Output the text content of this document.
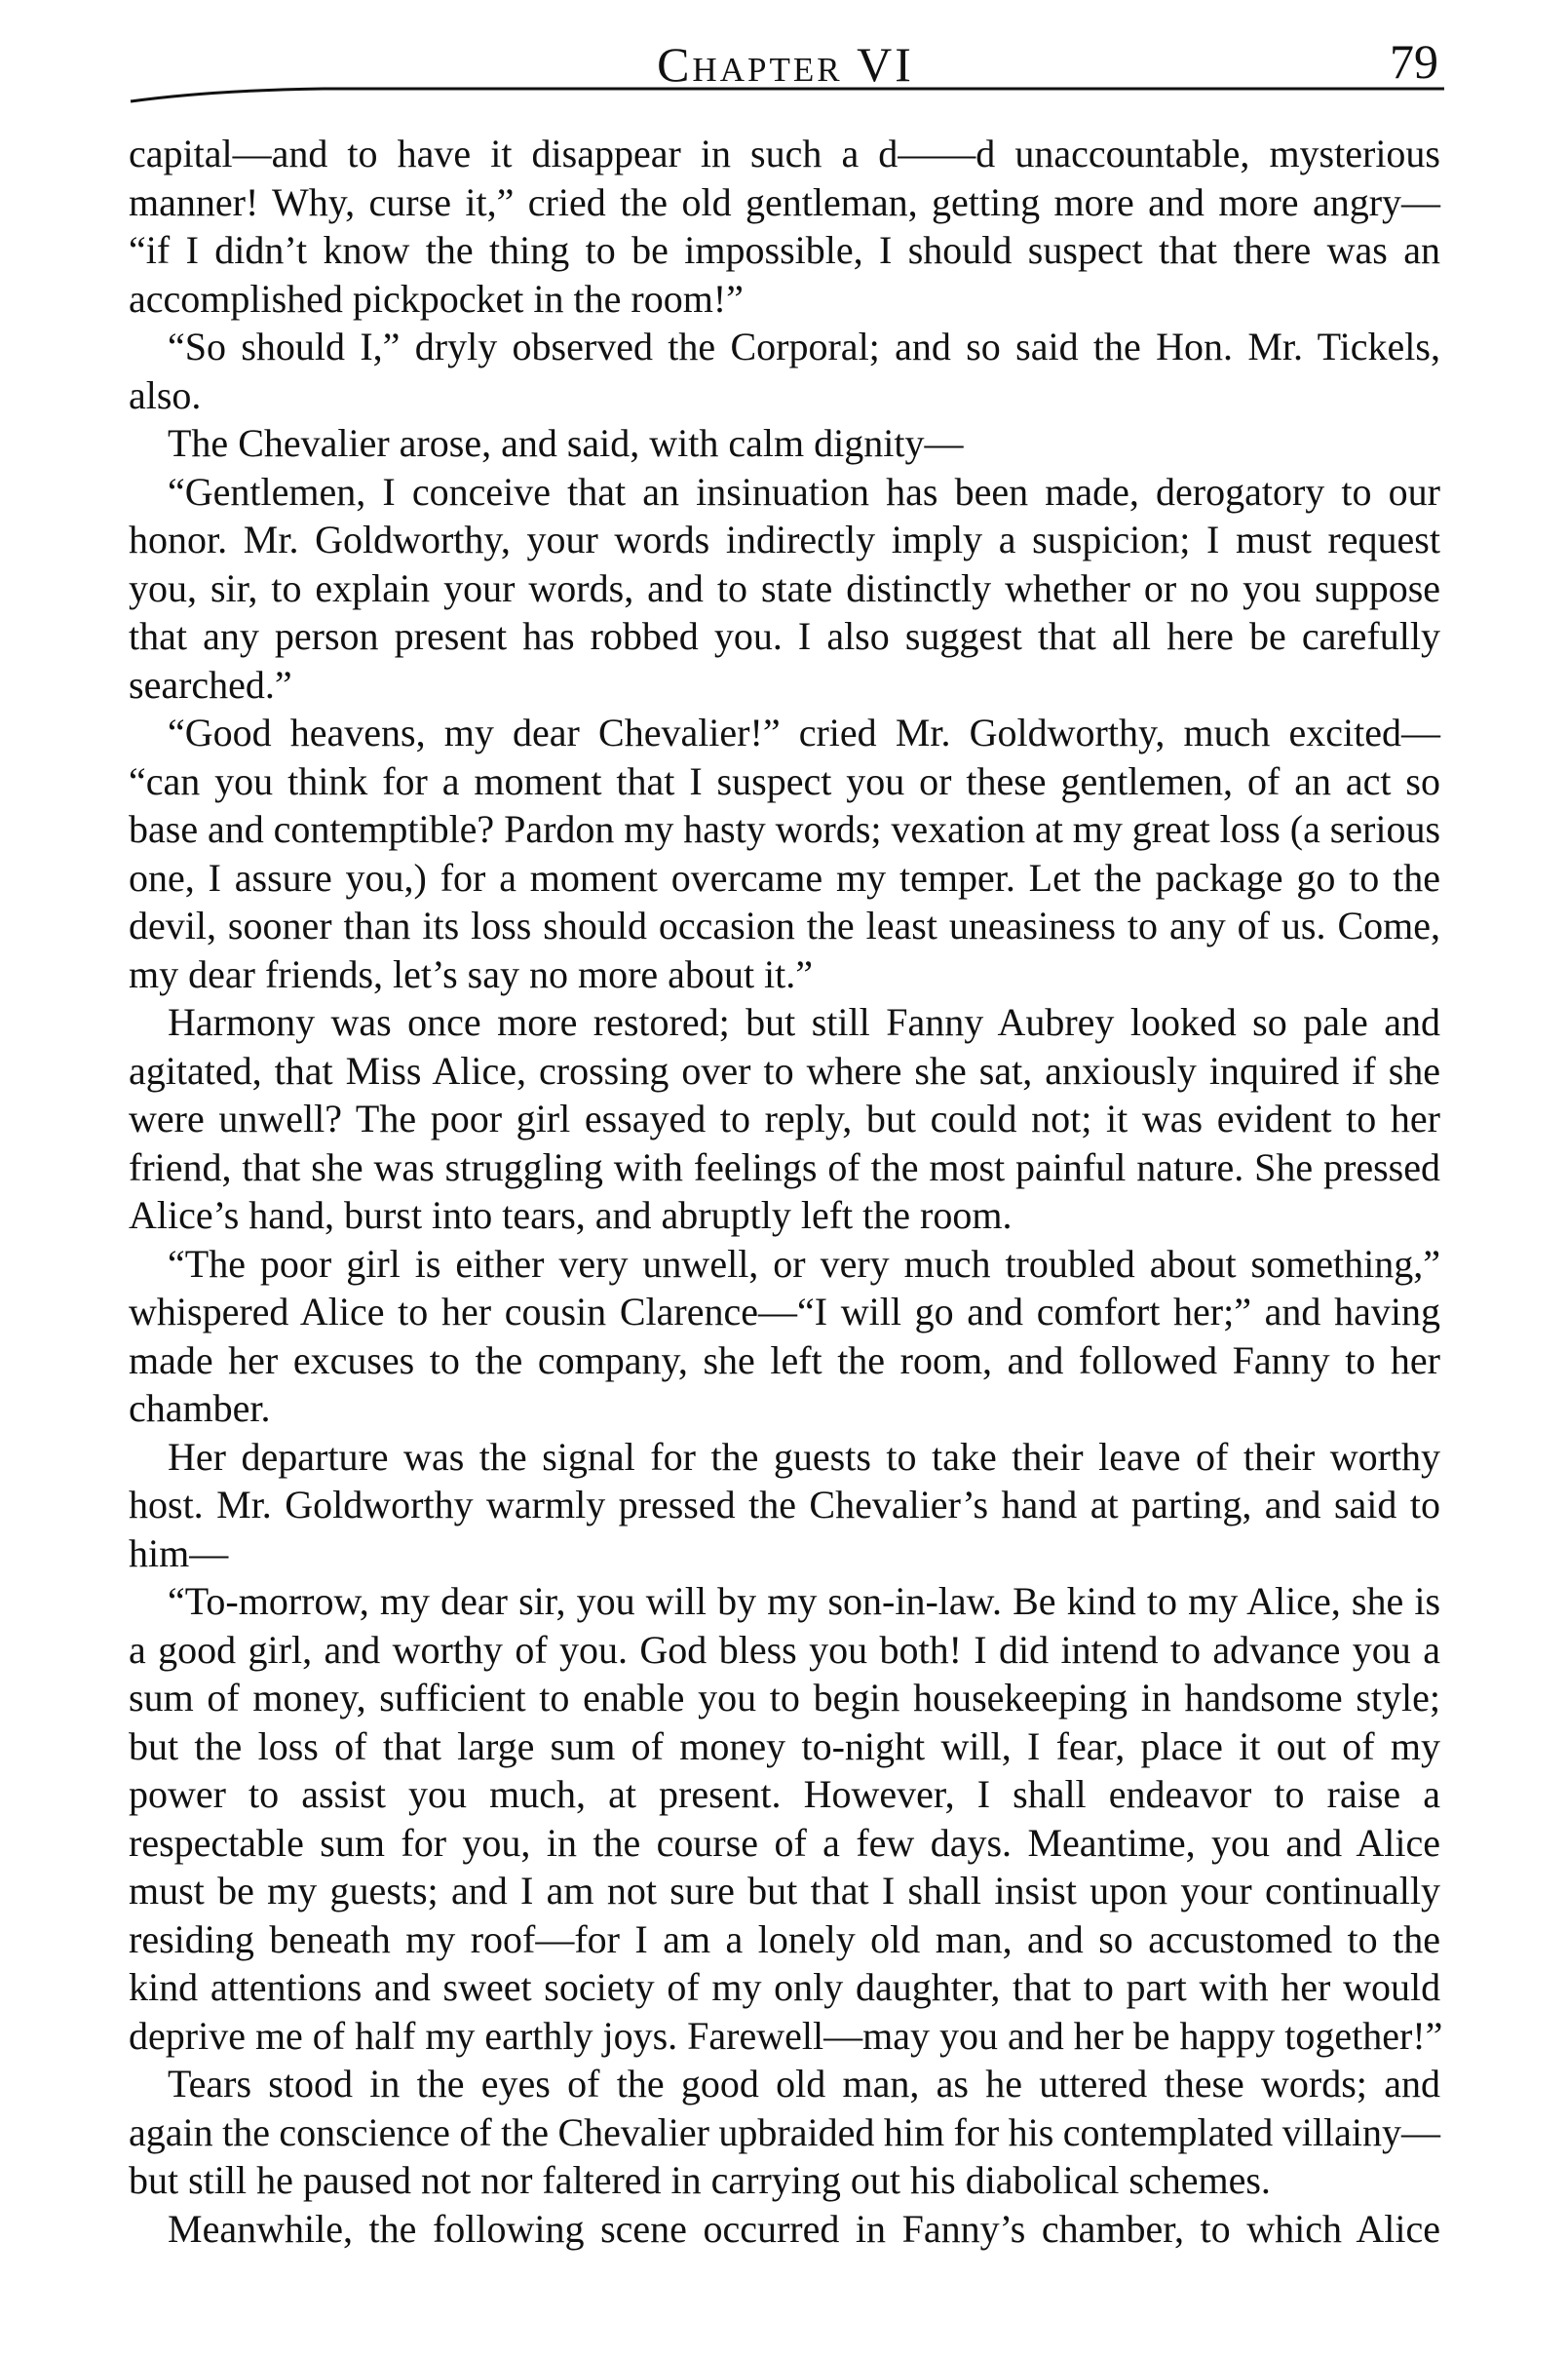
Chapter VI	79
capital—and to have it disappear in such a d——d unaccountable, mysterious
manner! Why, curse it,” cried the old gentleman, getting more and more angry—
“if I didn’t know the thing to be impossible, I should suspect that there was an
accomplished pickpocket in the room!”
“So should I,” dryly observed the Corporal; and so said the Hon. Mr. Tickels,
also.
The Chevalier arose, and said, with calm dignity—
“Gentlemen, I conceive that an insinuation has been made, derogatory to our
honor. Mr. Goldworthy, your words indirectly imply a suspicion; I must request
you, sir, to explain your words, and to state distinctly whether or no you suppose
that any person present has robbed you. I also suggest that all here be carefully
searched.”
“Good heavens, my dear Chevalier!” cried Mr. Goldworthy, much excited—
“can you think for a moment that I suspect you or these gentlemen, of an act so
base and contemptible? Pardon my hasty words; vexation at my great loss (a serious
one, I assure you,) for a moment overcame my temper. Let the package go to the
devil, sooner than its loss should occasion the least uneasiness to any of us. Come,
my dear friends, let’s say no more about it.”
Harmony was once more restored; but still Fanny Aubrey looked so pale and
agitated, that Miss Alice, crossing over to where she sat, anxiously inquired if she
were unwell? The poor girl essayed to reply, but could not; it was evident to her
friend, that she was struggling with feelings of the most painful nature. She pressed
Alice’s hand, burst into tears, and abruptly left the room.
“The poor girl is either very unwell, or very much troubled about something,”
whispered Alice to her cousin Clarence—“I will go and comfort her;” and having
made her excuses to the company, she left the room, and followed Fanny to her
chamber.
Her departure was the signal for the guests to take their leave of their worthy
host. Mr. Goldworthy warmly pressed the Chevalier’s hand at parting, and said to
him—
“To-morrow, my dear sir, you will by my son-in-law. Be kind to my Alice, she is
a good girl, and worthy of you. God bless you both! I did intend to advance you a
sum of money, sufficient to enable you to begin housekeeping in handsome style;
but the loss of that large sum of money to-night will, I fear, place it out of my
power to assist you much, at present. However, I shall endeavor to raise a
respectable sum for you, in the course of a few days. Meantime, you and Alice
must be my guests; and I am not sure but that I shall insist upon your continually
residing beneath my roof—for I am a lonely old man, and so accustomed to the
kind attentions and sweet society of my only daughter, that to part with her would
deprive me of half my earthly joys. Farewell—may you and her be happy together!”
Tears stood in the eyes of the good old man, as he uttered these words; and
again the conscience of the Chevalier upbraided him for his contemplated villainy—
but still he paused not nor faltered in carrying out his diabolical schemes.
Meanwhile, the following scene occurred in Fanny’s chamber, to which Alice
